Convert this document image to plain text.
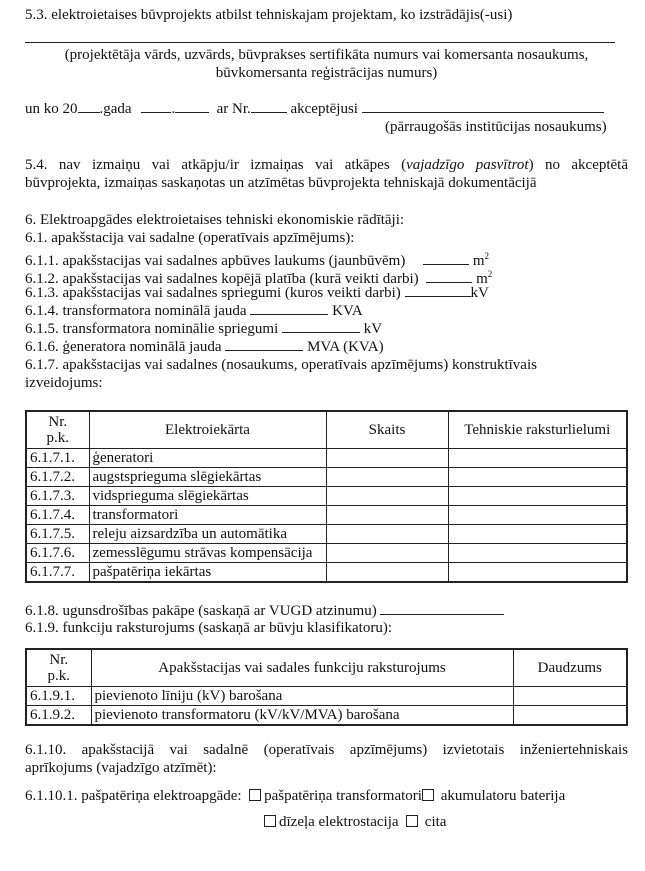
5.3. elektroietaises būvprojekts atbilst tehniskajam projektam, ko izstrādājis(-usi)
(projektētāja vārds, uzvārds, būvprakses sertifikāta numurs vai komersanta nosaukums,
būvkomersanta reģistrācijas numurs)
un ko 20 .gada	.	ar Nr.	akceptējusi
(pārraugošās institūcijas nosaukums)
5.4. nav izmaiņu vai atkāpju/ir izmaiņas vai atkāpes (vajadzīgo pasvītrot) no akceptētā
būvprojekta, izmaiņas saskaņotas un atzīmētas būvprojekta tehniskajā dokumentācijā
6. Elektroapgādes elektroietaises tehniski ekonomiskie rādītāji:
6.1. apakšstacija vai sadalne (operatīvais apzīmējums):
6.1.1. apakšstacijas vai sadalnes apbūves laukums (jaunbūvēm)	$m^2$
6.1.2. apakšstacijas vai sadalnes kopējā platība (kurā veikti darbi)	$m^2$
6.1.3. apakšstacijas vai sadalnes spriegumi (kuros veikti darbi)	kV
6.1.4. transformatora nominālā jauda	KVA
6.1.5. transformatora nominālie spriegumi	kV
6.1.6. ģeneratora nominālā jauda	MVA (KVA)
6.1.7. apakšstacijas vai sadalnes (nosaukums, operatīvais apzīmējums) konstruktīvais
izveidojums:
Nr.
p.k.	Elektroiekārta	Skaits	Tehniskie raksturlielumi
6.1.7.1.	ģeneratori		
6.1.7.2.	augstsprieguma slēgiekārtas		
6.1.7.3.	vidsprieguma slēgiekārtas		
6.1.7.4.	transformatori		
6.1.7.5.	releju aizsardzība un automātika		
6.1.7.6.	zemesslēgumu strāvas kompensācija		
6.1.7.7.	pašpatēriņa iekārtas		
6.1.8. ugunsdrošības pakāpe (saskaņā ar VUGD atzinumu)
6.1.9. funkciju raksturojums (saskaņā ar būvju klasifikatoru):
Nr.
p.k.	Apakšstacijas vai sadales funkciju raksturojums	Daudzums
6.1.9.1.	pievienoto līniju (kV) barošana	
6.1.9.2.	pievienoto transformatoru (kV/kV/MVA) barošana	
6.1.10. apakšstacijā vai sadalnē (operatīvais apzīmējums) izvietotais inženiertehniskais
aprīkojums (vajadzīgo atzīmēt):
6.1.10.1. pašpatēriņa elektroapgāde: pašpatēriņa transformatori akumulatoru baterija
dīzeļa elektrostacija cita
